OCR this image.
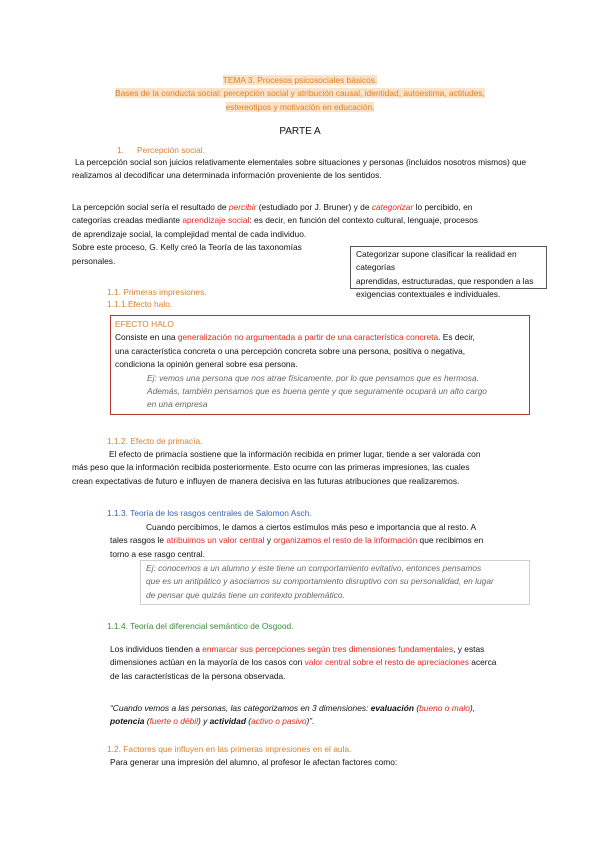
TEMA 3. Procesos psicosociales básicos.
Bases de la conducta social: percepción social y atribución causal, identidad, autoestima, actitudes,
estereotipos y motivación en educación.
PARTE A
1. Percepción social.
La percepción social son juicios relativamente elementales sobre situaciones y personas (incluidos nosotros mismos) que realizamos al decodificar una determinada información proveniente de los sentidos.
La percepción social sería el resultado de percibir (estudiado por J. Bruner) y de categorizar lo percibido, en
categorías creadas mediante aprendizaje social: es decir, en función del contexto cultural, lenguaje, procesos
de aprendizaje social, la complejidad mental de cada individuo.
Sobre este proceso, G. Kelly creó la Teoría de las taxonomías
personales.
Categorizar supone clasificar la realidad en categorías
aprendidas, estructuradas, que responden a las
exigencias contextuales e individuales.
1.1. Primeras impresiones.
1.1.1.Efecto halo.
EFECTO HALO
Consiste en una generalización no argumentada a partir de una característica concreta. Es decir,
una característica concreta o una percepción concreta sobre una persona, positiva o negativa,
condiciona la opinión general sobre esa persona.
Ej: vemos una persona que nos atrae físicamente, por lo que pensamos que es hermosa.
Además, también pensamos que es buena gente y que seguramente ocupará un alto cargo
en una empresa
1.1.2. Efecto de primacía.
El efecto de primacía sostiene que la información recibida en primer lugar, tiende a ser valorada con
más peso que la información recibida posteriormente. Esto ocurre con las primeras impresiones, las cuales
crean expectativas de futuro e influyen de manera decisiva en las futuras atribuciones que realizaremos.
1.1.3. Teoría de los rasgos centrales de Salomon Asch.
Cuando percibimos, le damos a ciertos estímulos más peso e importancia que al resto. A
tales rasgos le atribuimos un valor central y organizamos el resto de la información que recibimos en
torno a ese rasgo central.
Ej: conocemos a un alumno y este tiene un comportamiento evitativo, entonces pensamos
que es un antipático y asociamos su comportamiento disruptivo con su personalidad, en lugar
de pensar que quizás tiene un contexto problemático.
1.1.4. Teoría del diferencial semántico de Osgood.
Los individuos tienden a enmarcar sus percepciones según tres dimensiones fundamentales, y estas
dimensiones actúan en la mayoría de los casos con valor central sobre el resto de apreciaciones acerca
de las características de la persona observada.
“Cuando vemos a las personas, las categorizamos en 3 dimensiones: evaluación (bueno o malo),
potencia (fuerte o débil) y actividad (activo o pasivo)”.
1.2. Factores que influyen en las primeras impresiones en el aula.
Para generar una impresión del alumno, al profesor le afectan factores como:
